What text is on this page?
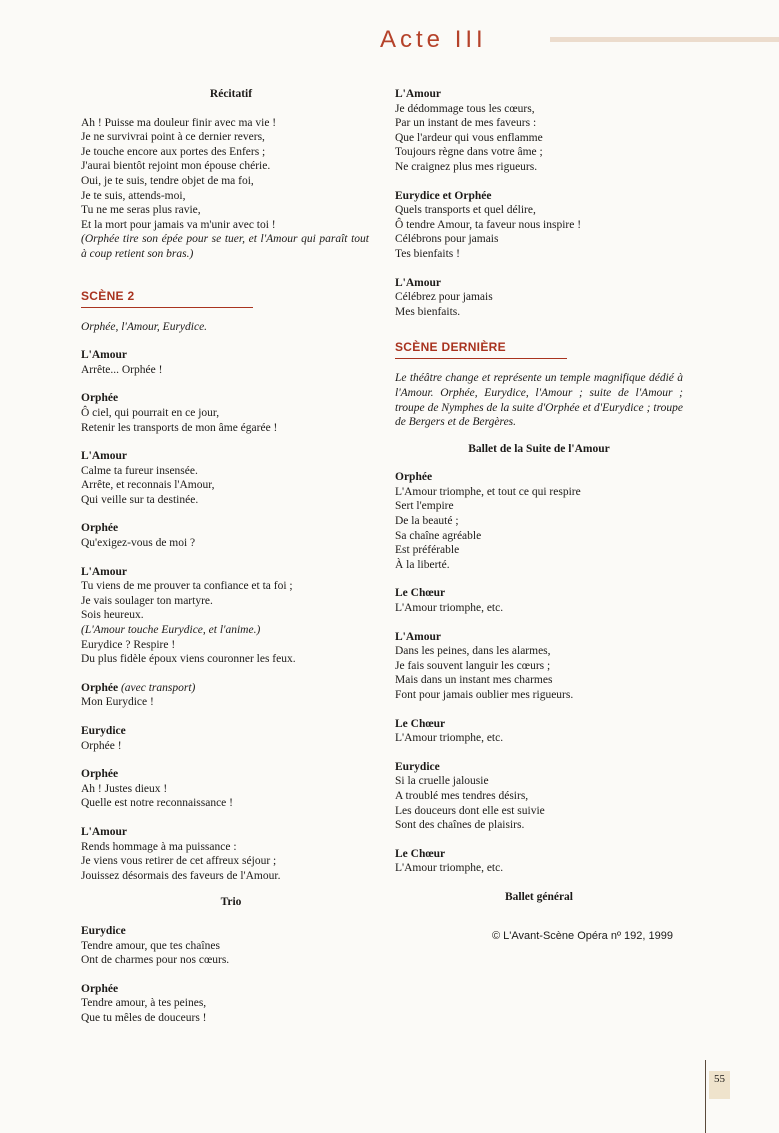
Acte III
Récitatif
Ah ! Puisse ma douleur finir avec ma vie !
Je ne survivrai point à ce dernier revers,
Je touche encore aux portes des Enfers ;
J'aurai bientôt rejoint mon épouse chérie.
Oui, je te suis, tendre objet de ma foi,
Je te suis, attends-moi,
Tu ne me seras plus ravie,
Et la mort pour jamais va m'unir avec toi !
(Orphée tire son épée pour se tuer, et l'Amour qui paraît tout à coup retient son bras.)
SCÈNE 2
Orphée, l'Amour, Eurydice.
L'Amour
Arrête... Orphée !
Orphée
Ô ciel, qui pourrait en ce jour,
Retenir les transports de mon âme égarée !
L'Amour
Calme ta fureur insensée.
Arrête, et reconnais l'Amour,
Qui veille sur ta destinée.
Orphée
Qu'exigez-vous de moi ?
L'Amour
Tu viens de me prouver ta confiance et ta foi ;
Je vais soulager ton martyre.
Sois heureux.
(L'Amour touche Eurydice, et l'anime.)
Eurydice ? Respire !
Du plus fidèle époux viens couronner les feux.
Orphée (avec transport)
Mon Eurydice !
Eurydice
Orphée !
Orphée
Ah ! Justes dieux !
Quelle est notre reconnaissance !
L'Amour
Rends hommage à ma puissance :
Je viens vous retirer de cet affreux séjour ;
Jouissez désormais des faveurs de l'Amour.
Trio
Eurydice
Tendre amour, que tes chaînes
Ont de charmes pour nos cœurs.
Orphée
Tendre amour, à tes peines,
Que tu mêles de douceurs !
L'Amour
Je dédommage tous les cœurs,
Par un instant de mes faveurs :
Que l'ardeur qui vous enflamme
Toujours règne dans votre âme ;
Ne craignez plus mes rigueurs.
Eurydice et Orphée
Quels transports et quel délire,
Ô tendre Amour, ta faveur nous inspire !
Célébrons pour jamais
Tes bienfaits !
L'Amour
Célébrez pour jamais
Mes bienfaits.
SCÈNE DERNIÈRE
Le théâtre change et représente un temple magnifique dédié à l'Amour. Orphée, Eurydice, l'Amour ; suite de l'Amour ; troupe de Nymphes de la suite d'Orphée et d'Eurydice ; troupe de Bergers et de Bergères.
Ballet de la Suite de l'Amour
Orphée
L'Amour triomphe, et tout ce qui respire
Sert l'empire
De la beauté ;
Sa chaîne agréable
Est préférable
À la liberté.
Le Chœur
L'Amour triomphe, etc.
L'Amour
Dans les peines, dans les alarmes,
Je fais souvent languir les cœurs ;
Mais dans un instant mes charmes
Font pour jamais oublier mes rigueurs.
Le Chœur
L'Amour triomphe, etc.
Eurydice
Si la cruelle jalousie
A troublé mes tendres désirs,
Les douceurs dont elle est suivie
Sont des chaînes de plaisirs.
Le Chœur
L'Amour triomphe, etc.
Ballet général
© L'Avant-Scène Opéra nº 192, 1999
55
